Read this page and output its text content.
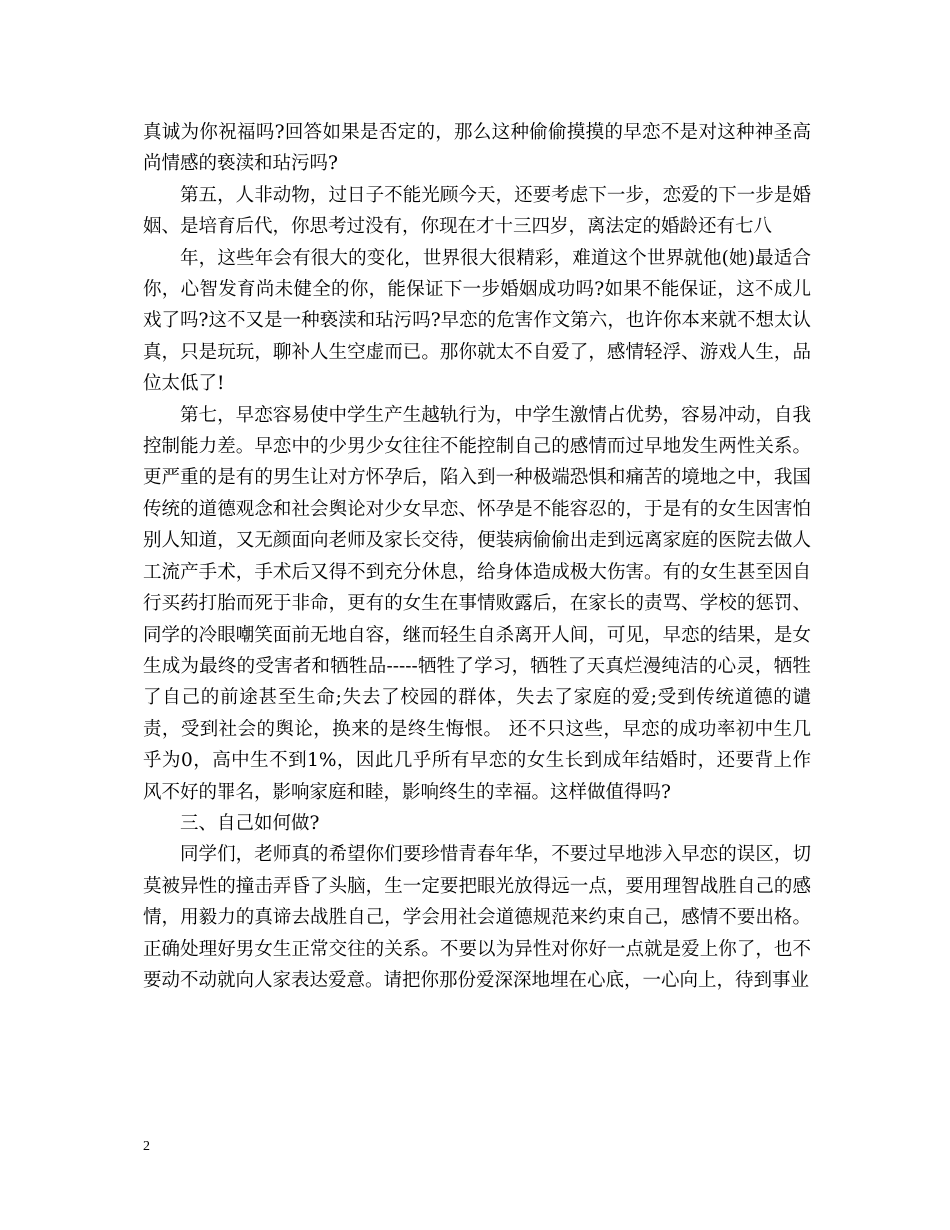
真诚为你祝福吗?回答如果是否定的，那么这种偷偷摸摸的早恋不是对这种神圣高尚情感的亵渎和玷污吗?

第五，人非动物，过日子不能光顾今天，还要考虑下一步，恋爱的下一步是婚姻、是培育后代，你思考过没有，你现在才十三四岁，离法定的婚龄还有七八

年，这些年会有很大的变化，世界很大很精彩，难道这个世界就他(她)最适合你，心智发育尚未健全的你，能保证下一步婚姻成功吗?如果不能保证，这不成儿戏了吗?这不又是一种亵渎和玷污吗?早恋的危害作文第六，也许你本来就不想太认真，只是玩玩，聊补人生空虚而已。那你就太不自爱了，感情轻浮、游戏人生，品位太低了!

第七，早恋容易使中学生产生越轨行为，中学生激情占优势，容易冲动，自我控制能力差。早恋中的少男少女往往不能控制自己的感情而过早地发生两性关系。更严重的是有的男生让对方怀孕后，陷入到一种极端恐惧和痛苦的境地之中，我国传统的道德观念和社会舆论对少女早恋、怀孕是不能容忍的，于是有的女生因害怕别人知道，又无颜面向老师及家长交待，便装病偷偷出走到远离家庭的医院去做人工流产手术，手术后又得不到充分休息，给身体造成极大伤害。有的女生甚至因自行买药打胎而死于非命，更有的女生在事情败露后，在家长的责骂、学校的惩罚、同学的冷眼嘲笑面前无地自容，继而轻生自杀离开人间，可见，早恋的结果，是女生成为最终的受害者和牺牲品-----牺牲了学习，牺牲了天真烂漫纯洁的心灵，牺牲了自己的前途甚至生命;失去了校园的群体，失去了家庭的爱;受到传统道德的谴责，受到社会的舆论，换来的是终生悔恨。 还不只这些，早恋的成功率初中生几乎为0，高中生不到1%，因此几乎所有早恋的女生长到成年结婚时，还要背上作风不好的罪名，影响家庭和睦，影响终生的幸福。这样做值得吗?

三、自己如何做?

同学们，老师真的希望你们要珍惜青春年华，不要过早地涉入早恋的误区，切莫被异性的撞击弄昏了头脑，生一定要把眼光放得远一点，要用理智战胜自己的感情，用毅力的真谛去战胜自己，学会用社会道德规范来约束自己，感情不要出格。正确处理好男女生正常交往的关系。不要以为异性对你好一点就是爱上你了，也不要动不动就向人家表达爱意。请把你那份爱深深地埋在心底，一心向上，待到事业

2
